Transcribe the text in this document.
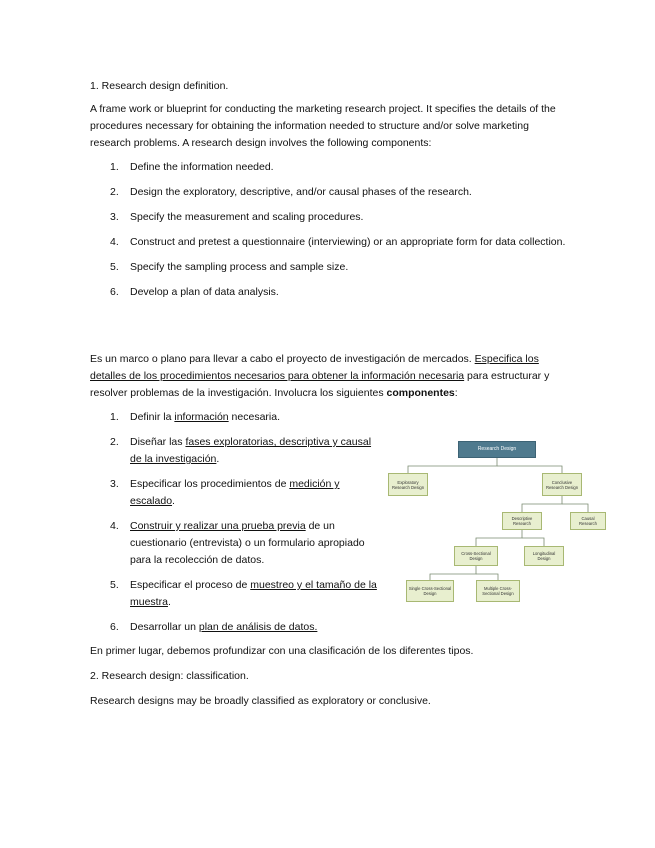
1. Research design definition.
A frame work or blueprint for conducting the marketing research project. It specifies the details of the procedures necessary for obtaining the information needed to structure and/or solve marketing research problems. A research design involves the following components:
1. Define the information needed.
2. Design the exploratory, descriptive, and/or causal phases of the research.
3. Specify the measurement and scaling procedures.
4. Construct and pretest a questionnaire (interviewing) or an appropriate form for data collection.
5. Specify the sampling process and sample size.
6. Develop a plan of data analysis.
Es un marco o plano para llevar a cabo el proyecto de investigación de mercados. Especifica los detalles de los procedimientos necesarios para obtener la información necesaria para estructurar y resolver problemas de la investigación. Involucra los siguientes componentes:
1. Definir la información necesaria.
2. Diseñar las fases exploratorias, descriptiva y causal de la investigación.
3. Especificar los procedimientos de medición y escalado.
4. Construir y realizar una prueba previa de un cuestionario (entrevista) o un formulario apropiado para la recolección de datos.
5. Especificar el proceso de muestreo y el tamaño de la muestra.
6. Desarrollar un plan de análisis de datos.
En primer lugar, debemos profundizar con una clasificación de los diferentes tipos.
2. Research design: classification.
Research designs may be broadly classified as exploratory or conclusive.
Research Design
Exploratory Research Design
Conclusive Research Design
Descriptive Research
Causal Research
Cross-Sectional Design
Longitudinal Design
Single Cross-Sectional Design
Multiple Cross-Sectional Design
